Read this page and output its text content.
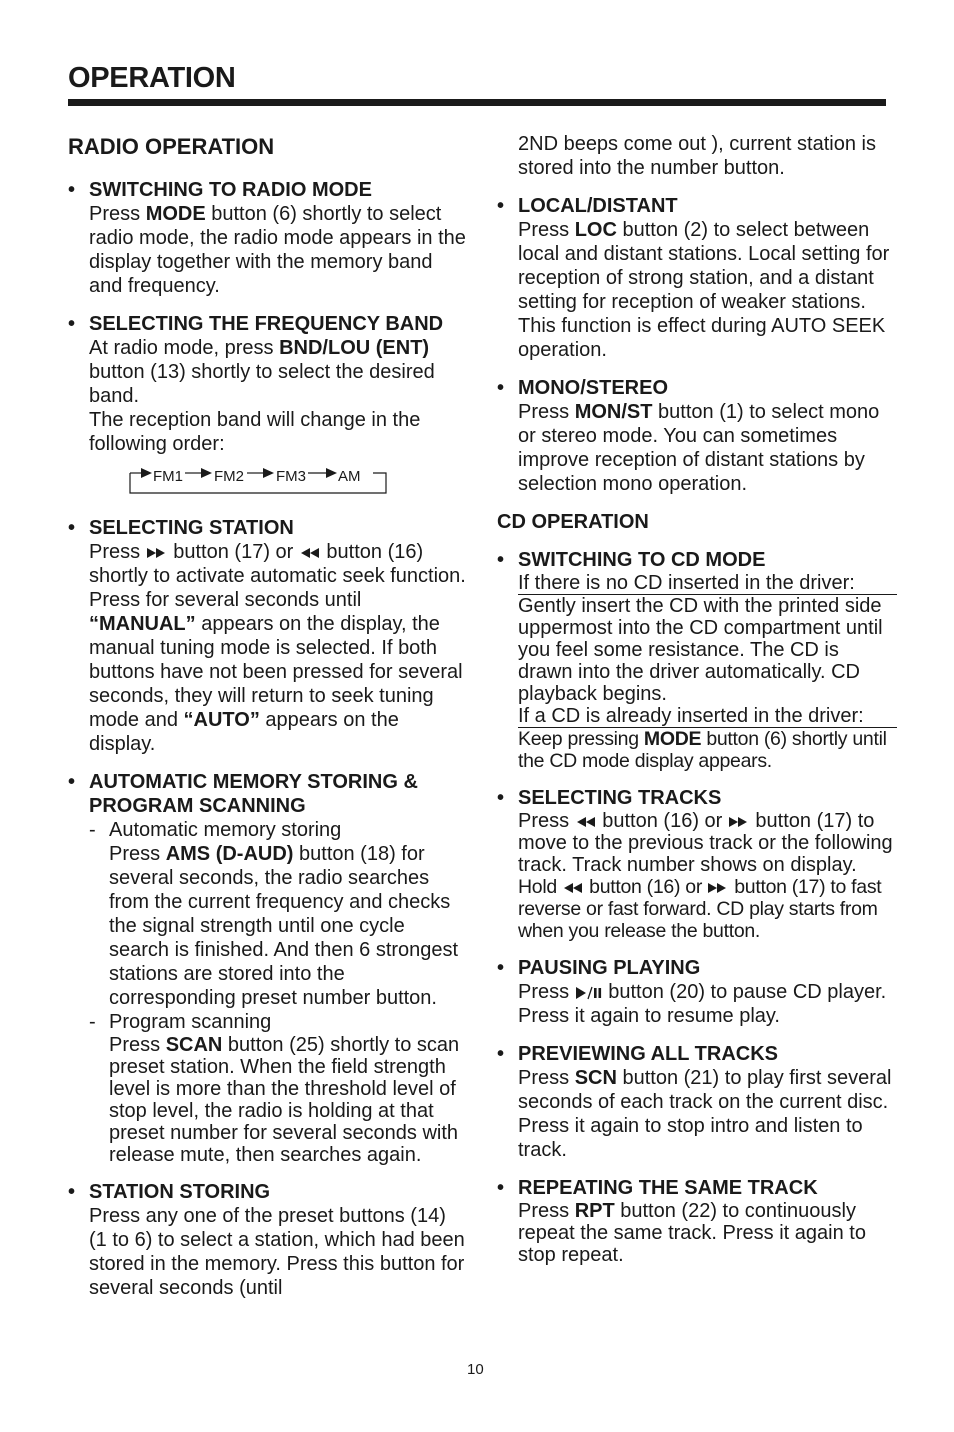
OPERATION
RADIO OPERATION
• SWITCHING TO RADIO MODE

Press MODE button (6) shortly to select radio mode, the radio mode appears in the display together with the memory band and frequency.

• SELECTING THE FREQUENCY BAND

At radio mode, press BND/LOU (ENT) button (13) shortly to select the desired band.

The reception band will change in the following order:

FM1 FM2 FM3 AM
• SELECTING STATION

Press  button (17) or  button (16) shortly to activate automatic seek function. Press for several seconds until “MANUAL” appears on the display, the manual tuning mode is selected. If both buttons have not been pressed for several seconds, they will return to seek tuning mode and “AUTO” appears on the display.

• AUTOMATIC MEMORY STORING & PROGRAM SCANNING
- Automatic memory storing

Press AMS (D-AUD) button (18) for several seconds, the radio searches from the current frequency and checks the signal strength until one cycle search is finished. And then 6 strongest stations are stored into the corresponding preset number button.

- Program scanning

Press SCAN button (25) shortly to scan preset station. When the field strength level is more than the threshold level of stop level, the radio is holding at that preset number for several seconds with release mute, then searches again.

• STATION STORING

Press any one of the preset buttons (14) (1 to 6) to select a station, which had been stored in the memory. Press this button for several seconds (until

2ND beeps come out ), current station is stored into the number button.

• LOCAL/DISTANT

Press LOC button (2) to select between local and distant stations. Local setting for reception of strong station, and a distant setting for reception of weaker stations. This function is effect during AUTO SEEK operation.

• MONO/STEREO

Press MON/ST button (1) to select mono or stereo mode. You can sometimes improve reception of distant stations by selection mono operation.

CD OPERATION
• SWITCHING TO CD MODE
If there is no CD inserted in the driver:

Gently insert the CD with the printed side uppermost into the CD compartment until you feel some resistance. The CD is drawn into the driver automatically. CD playback begins.

If a CD is already inserted in the driver:

Keep pressing MODE button (6) shortly until the CD mode display appears.

• SELECTING TRACKS

Press  button (16) or  button (17) to move to the previous track or the following track. Track number shows on display.

Hold  button (16) or  button (17) to fast reverse or fast forward. CD play starts from when you release the button.

• PAUSING PLAYING

Press  button (20) to pause CD player. Press it again to resume play.

• PREVIEWING ALL TRACKS

Press SCN button (21) to play first several seconds of each track on the current disc. Press it again to stop intro and listen to track.

• REPEATING THE SAME TRACK

Press RPT button (22) to continuously repeat the same track. Press it again to stop repeat.

10
